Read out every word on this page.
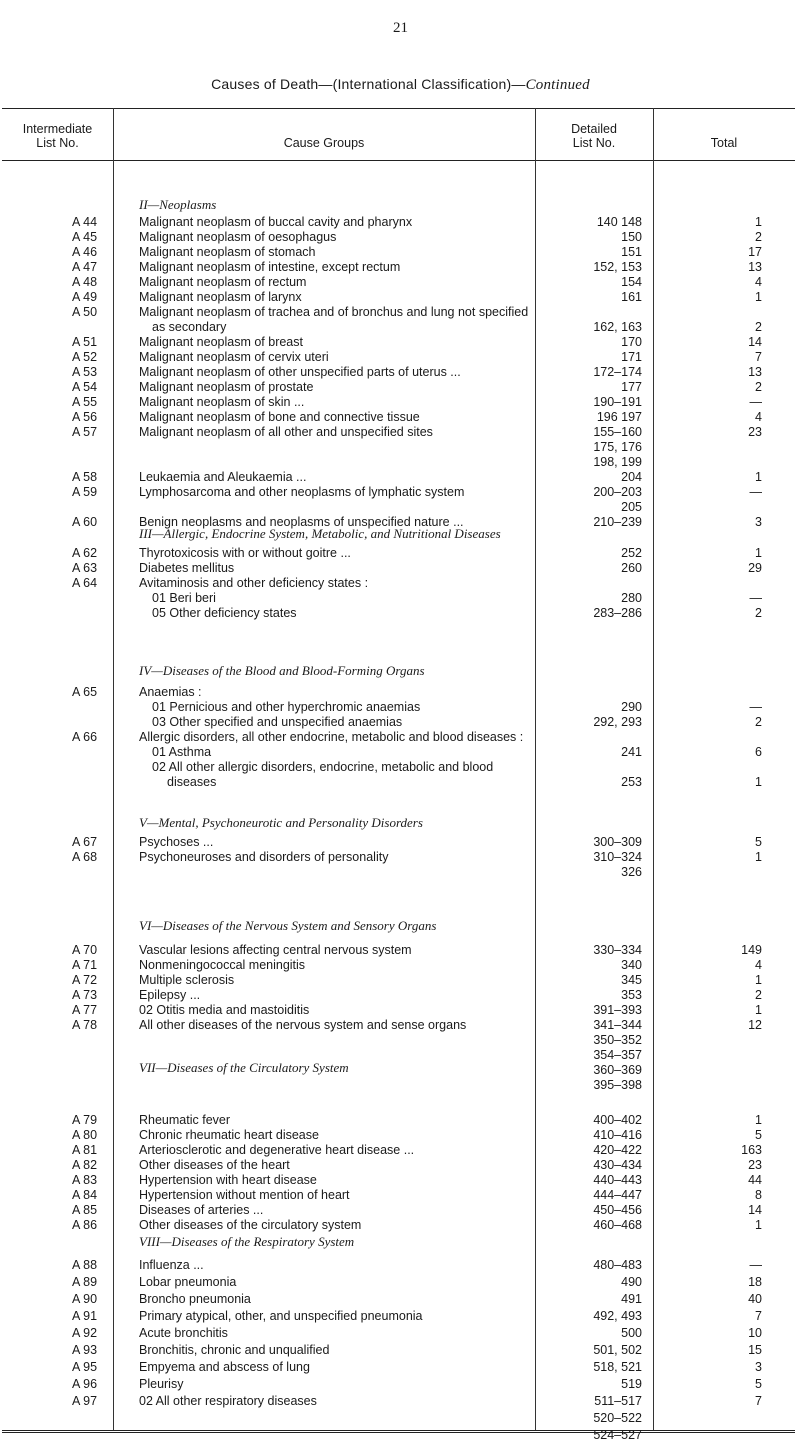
21
Causes of Death—(International Classification)—Continued
Intermediate
List No.	Cause Groups
Detailed
List No.	Total
II—Neoplasms
III—Allergic, Endocrine System, Metabolic, and Nutritional Diseases
IV—Diseases of the Blood and Blood-Forming Organs
V—Mental, Psychoneurotic and Personality Disorders
VI—Diseases of the Nervous System and Sensory Organs
VII—Diseases of the Circulatory System
VIII—Diseases of the Respiratory System
A 44	Malignant neoplasm of buccal cavity and pharynx	140 148	1
A 45	Malignant neoplasm of oesophagus	150	2
A 46	Malignant neoplasm of stomach	151	17
A 47	Malignant neoplasm of intestine, except rectum	152, 153	13
A 48	Malignant neoplasm of rectum	154	4
A 49	Malignant neoplasm of larynx	161	1
A 50	Malignant neoplasm of trachea and of bronchus and lung not specified
as secondary	162, 163	2
A 51	Malignant neoplasm of breast	170	14
A 52	Malignant neoplasm of cervix uteri	171	7
A 53	Malignant neoplasm of other unspecified parts of uterus ...	172–174	13
A 54	Malignant neoplasm of prostate	177	2
A 55	Malignant neoplasm of skin ...	190–191	—
A 56	Malignant neoplasm of bone and connective tissue	196 197	4
A 57	Malignant neoplasm of all other and unspecified sites	155–160	23
175, 176
198, 199
A 58	Leukaemia and Aleukaemia ...	204	1
A 59	Lymphosarcoma and other neoplasms of lymphatic system	200–203	—
205
A 60	Benign neoplasms and neoplasms of unspecified nature ...	210–239	3
A 62	Thyrotoxicosis with or without goitre ...	252	1
A 63	Diabetes mellitus	260	29
A 64	Avitaminosis and other deficiency states :
01 Beri beri	280	—
05 Other deficiency states	283–286	2
A 65	Anaemias :
01 Pernicious and other hyperchromic anaemias	290	—
03 Other specified and unspecified anaemias	292, 293	2
A 66	Allergic disorders, all other endocrine, metabolic and blood diseases :
01 Asthma	241	6
02 All other allergic disorders, endocrine, metabolic and blood
diseases	253	1
A 67	Psychoses ...	300–309	5
A 68	Psychoneuroses and disorders of personality	310–324	1
326
A 70	Vascular lesions affecting central nervous system	330–334	149
A 71	Nonmeningococcal meningitis	340	4
A 72	Multiple sclerosis	345	1
A 73	Epilepsy ...	353	2
A 77	02 Otitis media and mastoiditis	391–393	1
A 78	All other diseases of the nervous system and sense organs	341–344	12
350–352
354–357
360–369
395–398
A 79	Rheumatic fever	400–402	1
A 80	Chronic rheumatic heart disease	410–416	5
A 81	Arteriosclerotic and degenerative heart disease ...	420–422	163
A 82	Other diseases of the heart	430–434	23
A 83	Hypertension with heart disease	440–443	44
A 84	Hypertension without mention of heart	444–447	8
A 85	Diseases of arteries ...	450–456	14
A 86	Other diseases of the circulatory system	460–468	1
A 88	Influenza ...	480–483	—
A 89	Lobar pneumonia	490	18
A 90	Broncho pneumonia	491	40
A 91	Primary atypical, other, and unspecified pneumonia	492, 493	7
A 92	Acute bronchitis	500	10
A 93	Bronchitis, chronic and unqualified	501, 502	15
A 95	Empyema and abscess of lung	518, 521	3
A 96	Pleurisy	519	5
A 97	02 All other respiratory diseases	511–517	7
520–522
524–527
